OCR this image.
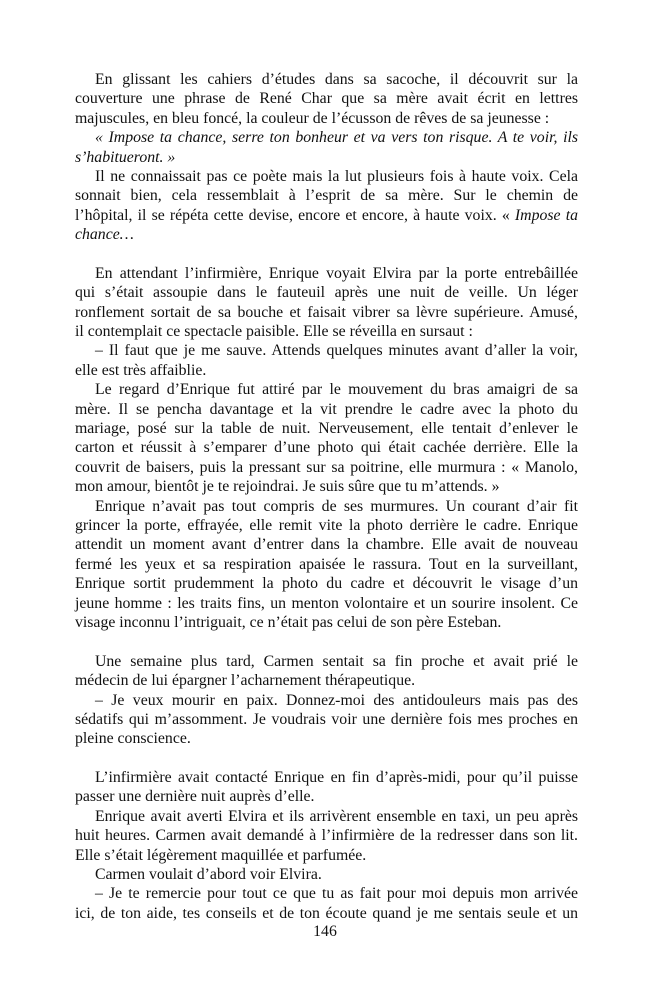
En glissant les cahiers d’études dans sa sacoche, il découvrit sur la
couverture une phrase de René Char que sa mère avait écrit en lettres
majuscules, en bleu foncé, la couleur de l’écusson de rêves de sa jeunesse :
« Impose ta chance, serre ton bonheur et va vers ton risque. A te voir, ils
s’habitueront. »
Il ne connaissait pas ce poète mais la lut plusieurs fois à haute voix. Cela
sonnait bien, cela ressemblait à l’esprit de sa mère. Sur le chemin de
l’hôpital, il se répéta cette devise, encore et encore, à haute voix. « Impose ta
chance…
En attendant l’infirmière, Enrique voyait Elvira par la porte entrebâillée
qui s’était assoupie dans le fauteuil après une nuit de veille. Un léger
ronflement sortait de sa bouche et faisait vibrer sa lèvre supérieure. Amusé,
il contemplait ce spectacle paisible. Elle se réveilla en sursaut :
– Il faut que je me sauve. Attends quelques minutes avant d’aller la voir,
elle est très affaiblie.
Le regard d’Enrique fut attiré par le mouvement du bras amaigri de sa
mère. Il se pencha davantage et la vit prendre le cadre avec la photo du
mariage, posé sur la table de nuit. Nerveusement, elle tentait d’enlever le
carton et réussit à s’emparer d’une photo qui était cachée derrière. Elle la
couvrit de baisers, puis la pressant sur sa poitrine, elle murmura : « Manolo,
mon amour, bientôt je te rejoindrai. Je suis sûre que tu m’attends. »
Enrique n’avait pas tout compris de ses murmures. Un courant d’air fit
grincer la porte, effrayée, elle remit vite la photo derrière le cadre. Enrique
attendit un moment avant d’entrer dans la chambre. Elle avait de nouveau
fermé les yeux et sa respiration apaisée le rassura. Tout en la surveillant,
Enrique sortit prudemment la photo du cadre et découvrit le visage d’un
jeune homme : les traits fins, un menton volontaire et un sourire insolent. Ce
visage inconnu l’intriguait, ce n’était pas celui de son père Esteban.
Une semaine plus tard, Carmen sentait sa fin proche et avait prié le
médecin de lui épargner l’acharnement thérapeutique.
– Je veux mourir en paix. Donnez-moi des antidouleurs mais pas des
sédatifs qui m’assomment. Je voudrais voir une dernière fois mes proches en
pleine conscience.
L’infirmière avait contacté Enrique en fin d’après-midi, pour qu’il puisse
passer une dernière nuit auprès d’elle.
Enrique avait averti Elvira et ils arrivèrent ensemble en taxi, un peu après
huit heures. Carmen avait demandé à l’infirmière de la redresser dans son lit.
Elle s’était légèrement maquillée et parfumée.
Carmen voulait d’abord voir Elvira.
– Je te remercie pour tout ce que tu as fait pour moi depuis mon arrivée
ici, de ton aide, tes conseils et de ton écoute quand je me sentais seule et un
146
